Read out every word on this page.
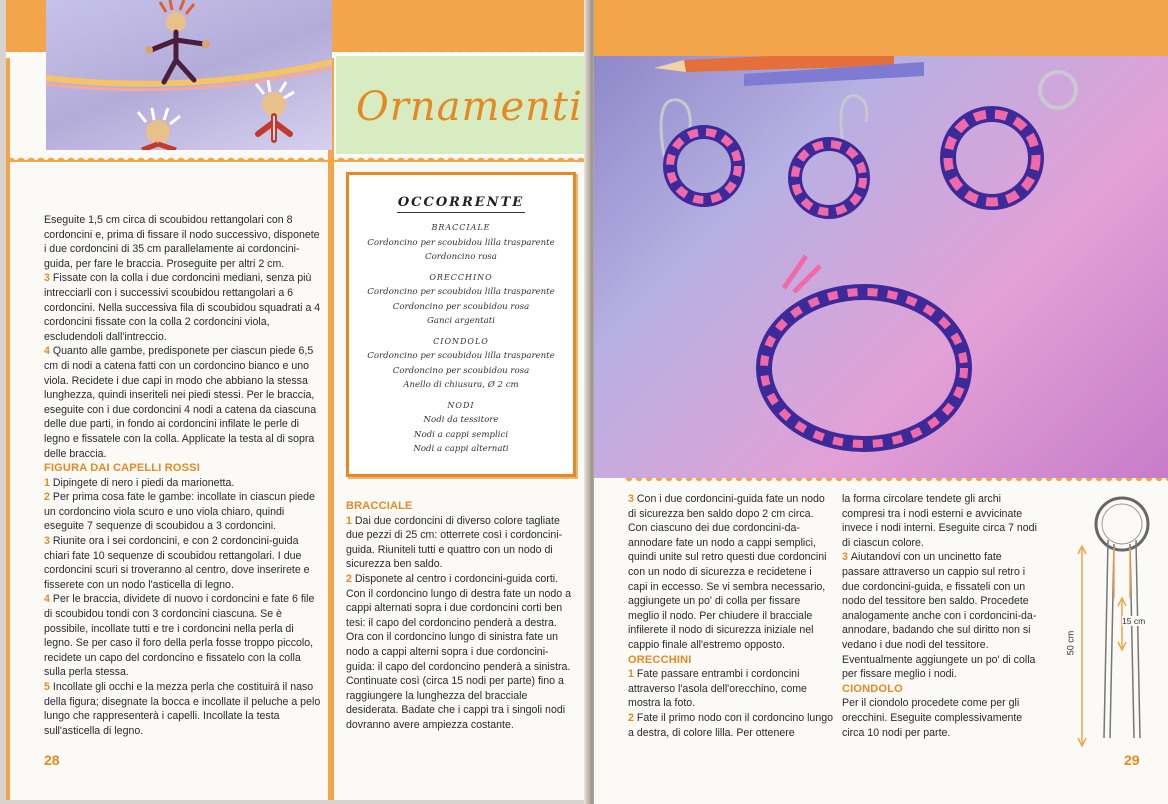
Ornamenti

Eseguite 1,5 cm circa di scoubidou rettangolari con 8 cordoncini e, prima di fissare il nodo successivo, disponete i due cordoncini di 35 cm parallelamente ai cordoncini-guida, per fare le braccia. Proseguite per altri 2 cm.

3 Fissate con la colla i due cordoncini mediani, senza più intrecciarli con i successivi scoubidou rettangolari a 6 cordoncini. Nella successiva fila di scoubidou squadrati a 4 cordoncini fissate con la colla 2 cordoncini viola, escludendoli dall'intreccio.

4 Quanto alle gambe, predisponete per ciascun piede 6,5 cm di nodi a catena fatti con un cordoncino bianco e uno viola. Recidete i due capi in modo che abbiano la stessa lunghezza, quindi inseriteli nei piedi stessi. Per le braccia, eseguite con i due cordoncini 4 nodi a catena da ciascuna delle due parti, in fondo ai cordoncini infilate le perle di legno e fissatele con la colla. Applicate la testa al di sopra delle braccia.

FIGURA DAI CAPELLI ROSSI

1 Dipingete di nero i piedi da marionetta.

2 Per prima cosa fate le gambe: incollate in ciascun piede un cordoncino viola scuro e uno viola chiaro, quindi eseguite 7 sequenze di scoubidou a 3 cordoncini.

3 Riunite ora i sei cordoncini, e con 2 cordoncini-guida chiari fate 10 sequenze di scoubidou rettangolari. I due cordoncini scuri si troveranno al centro, dove inserirete e fisserete con un nodo l'asticella di legno.

4 Per le braccia, dividete di nuovo i cordoncini e fate 6 file di scoubidou tondi con 3 cordoncini ciascuna. Se è possibile, incollate tutti e tre i cordoncini nella perla di legno. Se per caso il foro della perla fosse troppo piccolo, recidete un capo del cordoncino e fissatelo con la colla sulla perla stessa.

5 Incollate gli occhi e la mezza perla che costituirà il naso della figura; disegnate la bocca e incollate il peluche a pelo lungo che rappresenterà i capelli. Incollate la testa sull'asticella di legno.

OCCORRENTE
BRACCIALE
Cordoncino per scoubidou lilla trasparente
Cordoncino rosa
ORECCHINO
Cordoncino per scoubidou lilla trasparente
Cordoncino per scoubidou rosa
Ganci argentati
CIONDOLO
Cordoncino per scoubidou lilla trasparente
Cordoncino per scoubidou rosa
Anello di chiusura, Ø 2 cm
NODI
Nodi da tessitore
Nodi a cappi semplici
Nodi a cappi alternati

BRACCIALE

1 Dai due cordoncini di diverso colore tagliate due pezzi di 25 cm: otterrete così i cordoncini-guida. Riuniteli tutti e quattro con un nodo di sicurezza ben saldo.

2 Disponete al centro i cordoncini-guida corti. Con il cordoncino lungo di destra fate un nodo a cappi alternati sopra i due cordoncini corti ben tesi: il capo del cordoncino penderà a destra. Ora con il cordoncino lungo di sinistra fate un nodo a cappi alterni sopra i due cordoncini-guida: il capo del cordoncino penderà a sinistra. Continuate così (circa 15 nodi per parte) fino a raggiungere la lunghezza del bracciale desiderata. Badate che i cappi tra i singoli nodi dovranno avere ampiezza costante.

28

3 Con i due cordoncini-guida fate un nodo di sicurezza ben saldo dopo 2 cm circa. Con ciascuno dei due cordoncini-da-annodare fate un nodo a cappi semplici, quindi unite sul retro questi due cordoncini con un nodo di sicurezza e recidetene i capi in eccesso. Se vi sembra necessario, aggiungete un po' di colla per fissare meglio il nodo. Per chiudere il bracciale infilerete il nodo di sicurezza iniziale nel cappio finale all'estremo opposto.

ORECCHINI

1 Fate passare entrambi i cordoncini attraverso l'asola dell'orecchino, come mostra la foto.

2 Fate il primo nodo con il cordoncino lungo a destra, di colore lilla. Per ottenere

la forma circolare tendete gli archi compresi tra i nodi esterni e avvicinate invece i nodi interni. Eseguite circa 7 nodi di ciascun colore.

3 Aiutandovi con un uncinetto fate passare attraverso un cappio sul retro i due cordoncini-guida, e fissateli con un nodo del tessitore ben saldo. Procedete analogamente anche con i cordoncini-da-annodare, badando che sul diritto non si vedano i due nodi del tessitore. Eventualmente aggiungete un po' di colla per fissare meglio i nodi.

CIONDOLO

Per il ciondolo procedete come per gli orecchini. Eseguite complessivamente circa 10 nodi per parte.

50 cm
15 cm
29
